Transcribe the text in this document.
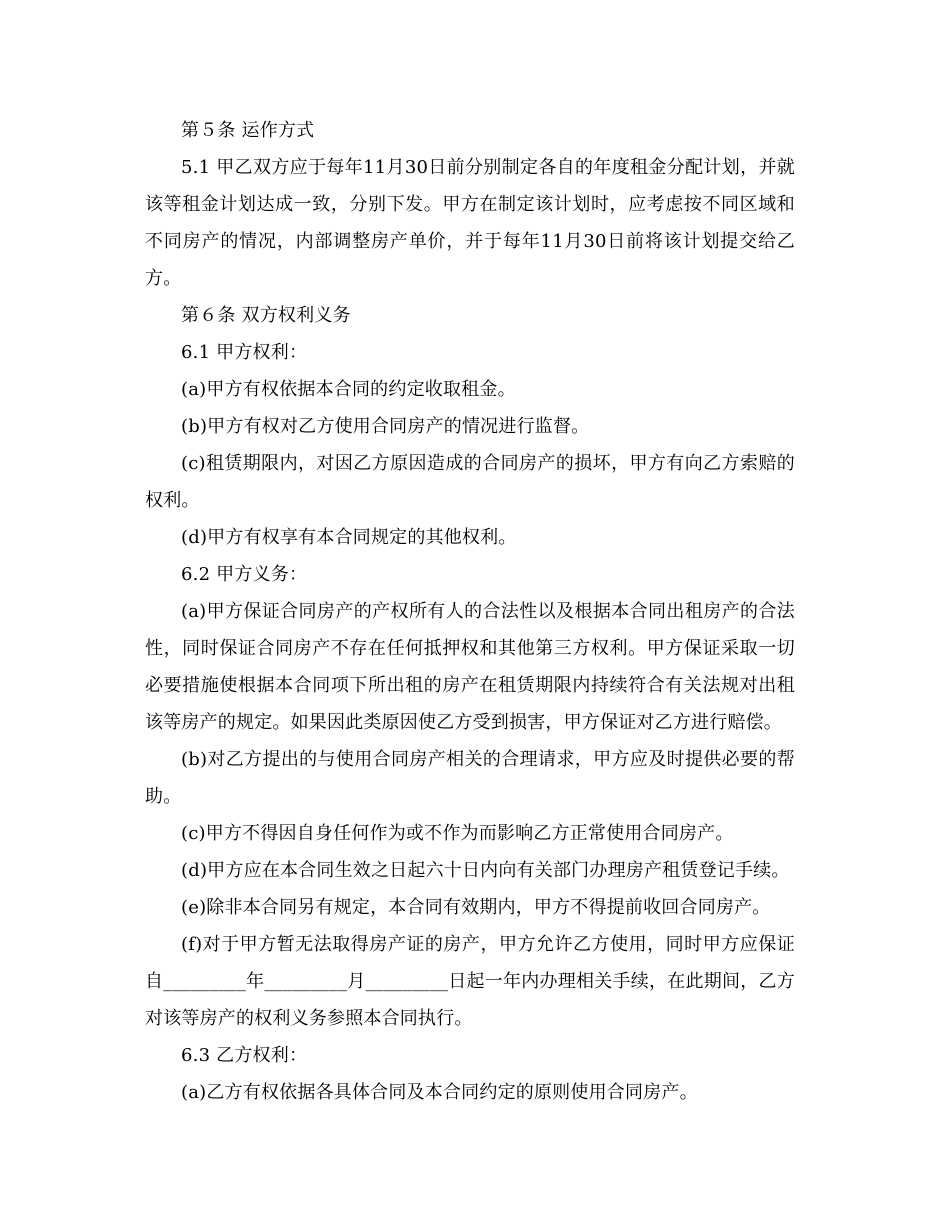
第５条 运作方式

5.1 甲乙双方应于每年11月30日前分别制定各自的年度租金分配计划，并就该等租金计划达成一致，分别下发。甲方在制定该计划时，应考虑按不同区域和不同房产的情况，内部调整房产单价，并于每年11月30日前将该计划提交给乙方。

第６条 双方权利义务

6.1 甲方权利：

(a)甲方有权依据本合同的约定收取租金。

(b)甲方有权对乙方使用合同房产的情况进行监督。

(c)租赁期限内，对因乙方原因造成的合同房产的损坏，甲方有向乙方索赔的权利。

(d)甲方有权享有本合同规定的其他权利。

6.2 甲方义务：

(a)甲方保证合同房产的产权所有人的合法性以及根据本合同出租房产的合法性，同时保证合同房产不存在任何抵押权和其他第三方权利。甲方保证采取一切必要措施使根据本合同项下所出租的房产在租赁期限内持续符合有关法规对出租该等房产的规定。如果因此类原因使乙方受到损害，甲方保证对乙方进行赔偿。

(b)对乙方提出的与使用合同房产相关的合理请求，甲方应及时提供必要的帮助。

(c)甲方不得因自身任何作为或不作为而影响乙方正常使用合同房产。

(d)甲方应在本合同生效之日起六十日内向有关部门办理房产租赁登记手续。

(e)除非本合同另有规定，本合同有效期内，甲方不得提前收回合同房产。

(f)对于甲方暂无法取得房产证的房产，甲方允许乙方使用，同时甲方应保证自_________年_________月_________日起一年内办理相关手续，在此期间，乙方对该等房产的权利义务参照本合同执行。

6.3 乙方权利：

(a)乙方有权依据各具体合同及本合同约定的原则使用合同房产。
